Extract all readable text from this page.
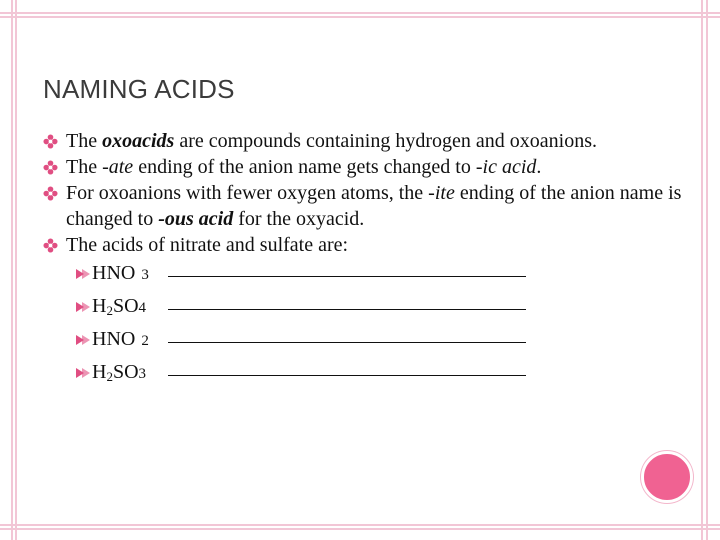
NAMING ACIDS
The oxoacids are compounds containing hydrogen and oxoanions.
The -ate ending of the anion name gets changed to -ic acid.
For oxoanions with fewer oxygen atoms, the -ite ending of the anion name is changed to -ous acid for the oxyacid.
The acids of nitrate and sulfate are:
HNO 3
$H_2SO4$
HNO 2
$H_2SO3$
